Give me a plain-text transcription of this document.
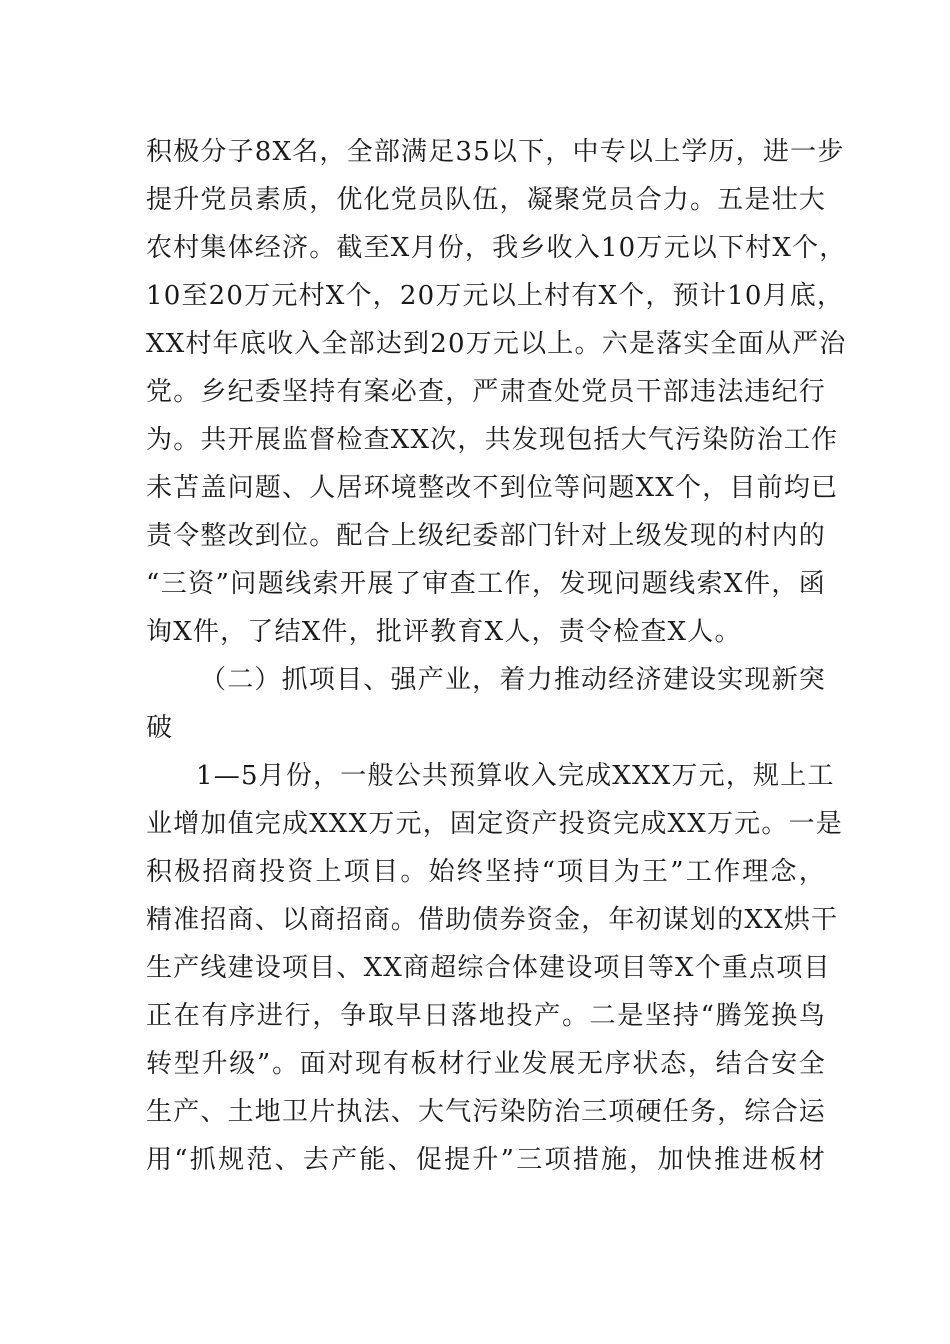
积极分子8X名，全部满足35以下，中专以上学历，进一步
提升党员素质，优化党员队伍，凝聚党员合力。五是壮大
农村集体经济。截至X月份，我乡收入10万元以下村X个，
10至20万元村X个，20万元以上村有X个，预计10月底，
XX村年底收入全部达到20万元以上。六是落实全面从严治
党。乡纪委坚持有案必查，严肃查处党员干部违法违纪行
为。共开展监督检查XX次，共发现包括大气污染防治工作
未苫盖问题、人居环境整改不到位等问题XX个，目前均已
责令整改到位。配合上级纪委部门针对上级发现的村内的
“三资”问题线索开展了审查工作，发现问题线索X件，函
询X件，了结X件，批评教育X人，责令检查X人。
（二）抓项目、强产业，着力推动经济建设实现新突
破
1—5月份，一般公共预算收入完成XXX万元，规上工
业增加值完成XXX万元，固定资产投资完成XX万元。一是
积极招商投资上项目。始终坚持“项目为王”工作理念，
精准招商、以商招商。借助债券资金，年初谋划的XX烘干
生产线建设项目、XX商超综合体建设项目等X个重点项目
正在有序进行，争取早日落地投产。二是坚持“腾笼换鸟
转型升级”。面对现有板材行业发展无序状态，结合安全
生产、土地卫片执法、大气污染防治三项硬任务，综合运
用“抓规范、去产能、促提升”三项措施，加快推进板材
